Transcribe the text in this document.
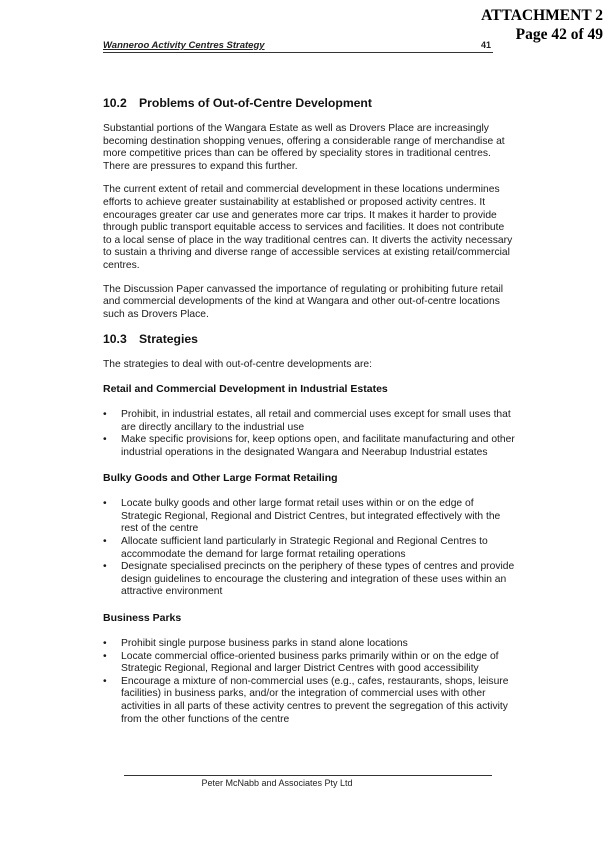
ATTACHMENT 2
Page 42 of 49
Wanneroo Activity Centres Strategy	41
10.2 Problems of Out-of-Centre Development

Substantial portions of the Wangara Estate as well as Drovers Place are increasingly becoming destination shopping venues, offering a considerable range of merchandise at more competitive prices than can be offered by speciality stores in traditional centres. There are pressures to expand this further.

The current extent of retail and commercial development in these locations undermines efforts to achieve greater sustainability at established or proposed activity centres. It encourages greater car use and generates more car trips. It makes it harder to provide through public transport equitable access to services and facilities. It does not contribute to a local sense of place in the way traditional centres can. It diverts the activity necessary to sustain a thriving and diverse range of accessible services at existing retail/commercial centres.

The Discussion Paper canvassed the importance of regulating or prohibiting future retail and commercial developments of the kind at Wangara and other out-of-centre locations such as Drovers Place.

10.3 Strategies

The strategies to deal with out-of-centre developments are:

Retail and Commercial Development in Industrial Estates
• Prohibit, in industrial estates, all retail and commercial uses except for small uses that are directly ancillary to the industrial use
• Make specific provisions for, keep options open, and facilitate manufacturing and other industrial operations in the designated Wangara and Neerabup Industrial estates
Bulky Goods and Other Large Format Retailing
• Locate bulky goods and other large format retail uses within or on the edge of Strategic Regional, Regional and District Centres, but integrated effectively with the rest of the centre
• Allocate sufficient land particularly in Strategic Regional and Regional Centres to accommodate the demand for large format retailing operations
• Designate specialised precincts on the periphery of these types of centres and provide design guidelines to encourage the clustering and integration of these uses within an attractive environment
Business Parks
• Prohibit single purpose business parks in stand alone locations
• Locate commercial office-oriented business parks primarily within or on the edge of Strategic Regional, Regional and larger District Centres with good accessibility
• Encourage a mixture of non-commercial uses (e.g., cafes, restaurants, shops, leisure facilities) in business parks, and/or the integration of commercial uses with other activities in all parts of these activity centres to prevent the segregation of this activity from the other functions of the centre
Peter McNabb and Associates Pty Ltd
